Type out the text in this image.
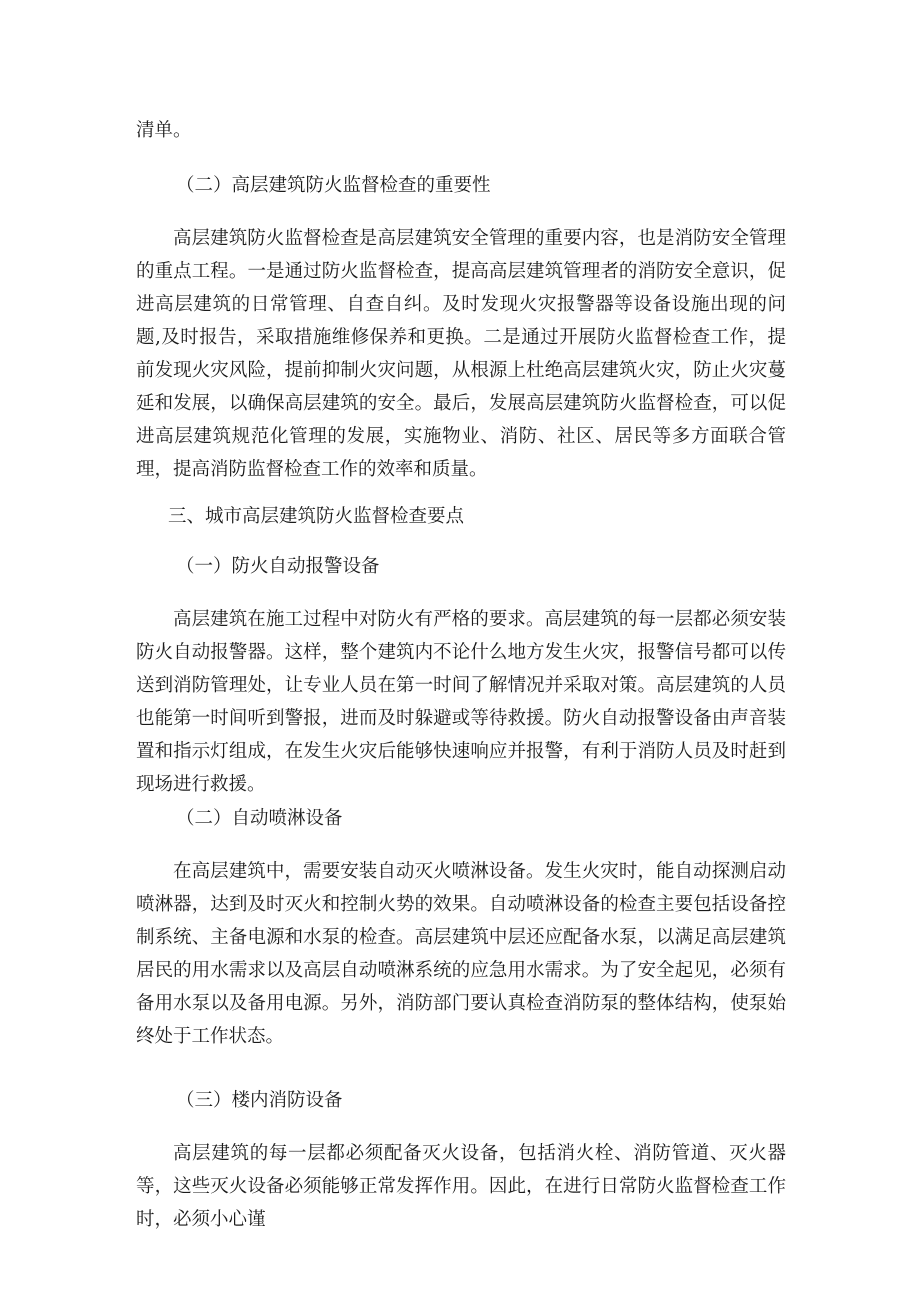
清单。

（二）高层建筑防火监督检查的重要性

高层建筑防火监督检查是高层建筑安全管理的重要内容，也是消防安全管理的重点工程。一是通过防火监督检查，提高高层建筑管理者的消防安全意识，促进高层建筑的日常管理、自查自纠。及时发现火灾报警器等设备设施出现的问题,及时报告，采取措施维修保养和更换。二是通过开展防火监督检查工作，提前发现火灾风险，提前抑制火灾问题，从根源上杜绝高层建筑火灾，防止火灾蔓延和发展，以确保高层建筑的安全。最后，发展高层建筑防火监督检查，可以促进高层建筑规范化管理的发展，实施物业、消防、社区、居民等多方面联合管理，提高消防监督检查工作的效率和质量。

三、城市高层建筑防火监督检查要点

（一）防火自动报警设备

高层建筑在施工过程中对防火有严格的要求。高层建筑的每一层都必须安装防火自动报警器。这样，整个建筑内不论什么地方发生火灾，报警信号都可以传送到消防管理处，让专业人员在第一时间了解情况并采取对策。高层建筑的人员也能第一时间听到警报，进而及时躲避或等待救援。防火自动报警设备由声音装置和指示灯组成，在发生火灾后能够快速响应并报警，有利于消防人员及时赶到现场进行救援。

（二）自动喷淋设备

在高层建筑中，需要安装自动灭火喷淋设备。发生火灾时，能自动探测启动喷淋器，达到及时灭火和控制火势的效果。自动喷淋设备的检查主要包括设备控制系统、主备电源和水泵的检查。高层建筑中层还应配备水泵，以满足高层建筑居民的用水需求以及高层自动喷淋系统的应急用水需求。为了安全起见，必须有备用水泵以及备用电源。另外，消防部门要认真检查消防泵的整体结构，使泵始终处于工作状态。

（三）楼内消防设备

高层建筑的每一层都必须配备灭火设备，包括消火栓、消防管道、灭火器等，这些灭火设备必须能够正常发挥作用。因此，在进行日常防火监督检查工作时，必须小心谨
